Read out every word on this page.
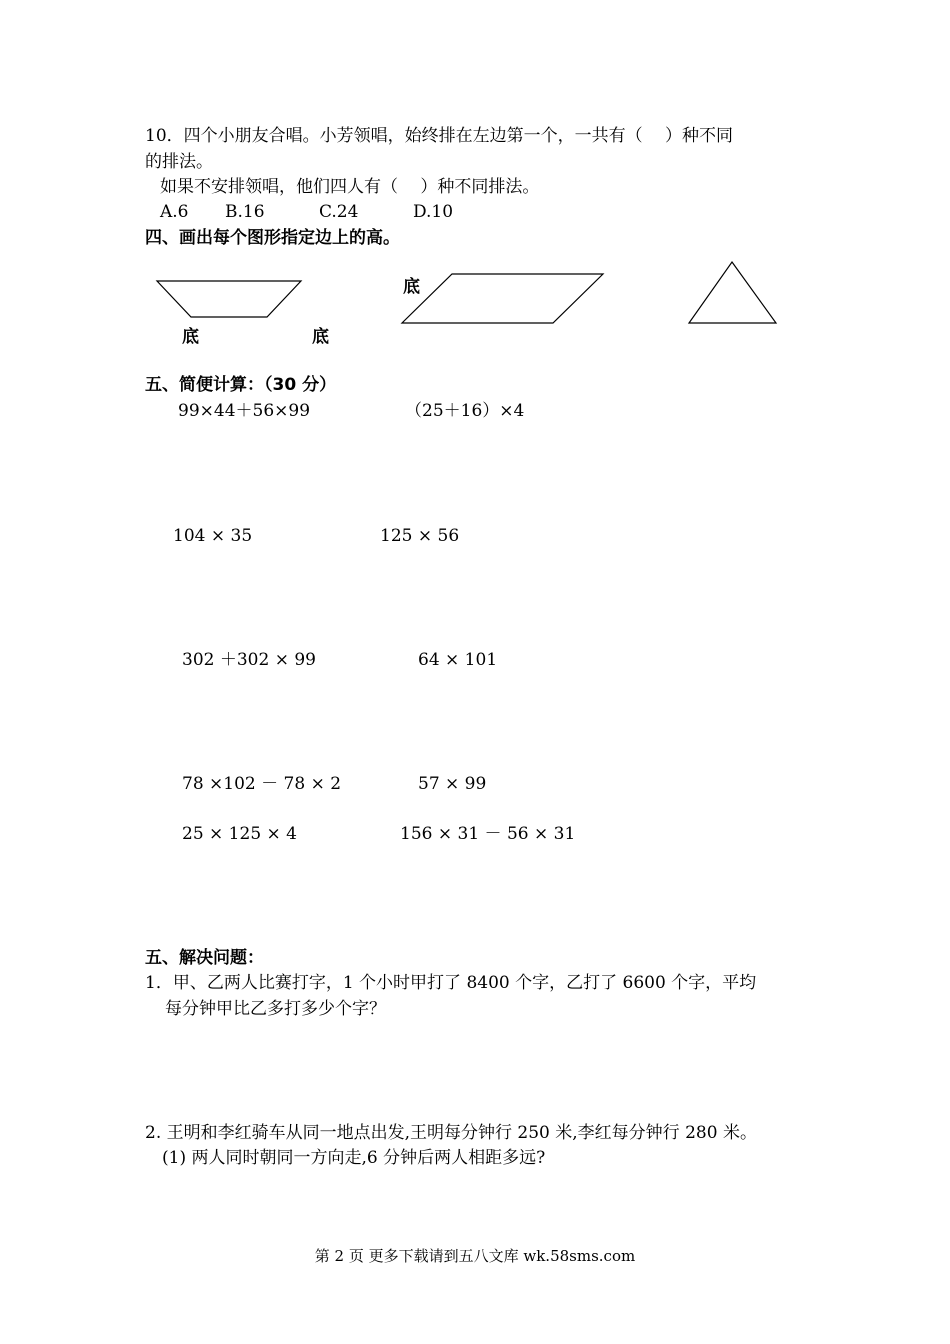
10．四个小朋友合唱。小芳领唱，始终排在左边第一个，一共有（　 ）种不同
的排法。
如果不安排领唱，他们四人有（　 ）种不同排法。
A.6 B.16	C.24	D.10
四、画出每个图形指定边上的高。
底	底
底
五、简便计算：（30 分）
99×44＋56×99	（25＋16）×4
104 × 35	125 × 56
302 ＋302 × 99	64 × 101
78 ×102 － 78 × 2	57 × 99
25 × 125 × 4	156 × 31 － 56 × 31
五、解决问题：
1．甲、乙两人比赛打字，1 个小时甲打了 8400 个字，乙打了 6600 个字，平均
每分钟甲比乙多打多少个字？
2. 王明和李红骑车从同一地点出发,王明每分钟行 250 米,李红每分钟行 280 米。
(1) 两人同时朝同一方向走,6 分钟后两人相距多远?
第 2 页 更多下载请到五八文库 wk.58sms.com
